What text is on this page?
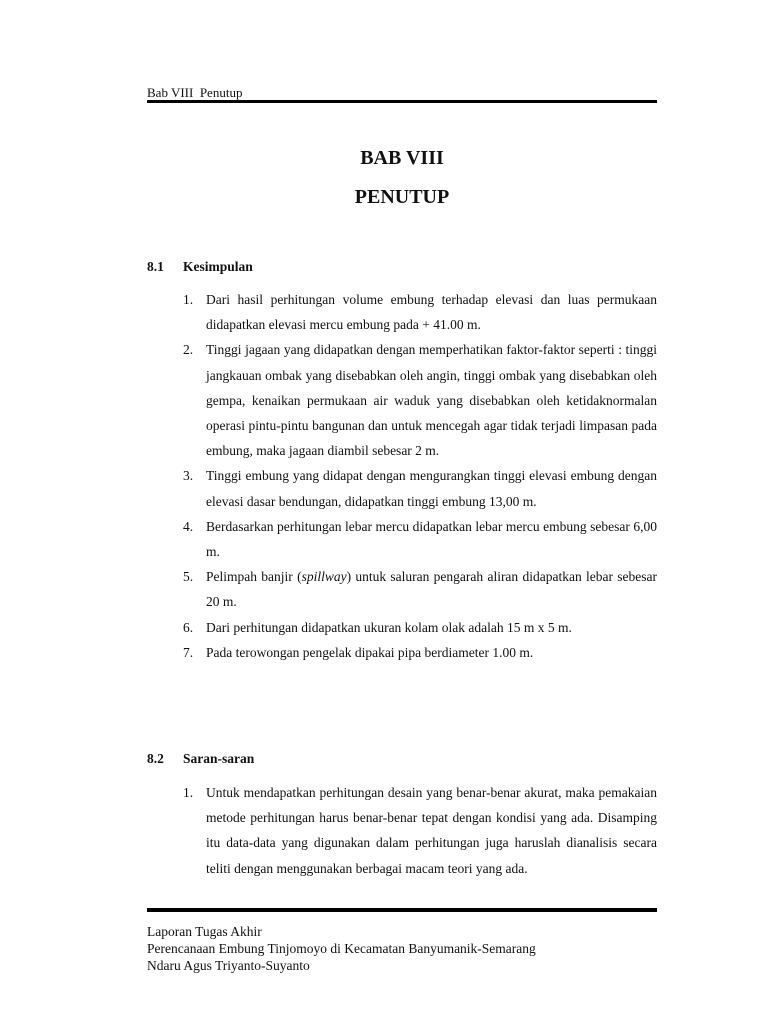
Bab VIII  Penutup
BAB VIII
PENUTUP
8.1 Kesimpulan
1. Dari hasil perhitungan volume embung terhadap elevasi dan luas permukaan didapatkan elevasi mercu embung pada + 41.00 m.
2. Tinggi jagaan yang didapatkan dengan memperhatikan faktor-faktor seperti : tinggi jangkauan ombak yang disebabkan oleh angin, tinggi ombak yang disebabkan oleh gempa, kenaikan permukaan air waduk yang disebabkan oleh ketidaknormalan operasi pintu-pintu bangunan dan untuk mencegah agar tidak terjadi limpasan pada embung, maka jagaan diambil sebesar 2 m.
3. Tinggi embung yang didapat dengan mengurangkan tinggi elevasi embung dengan elevasi dasar bendungan, didapatkan tinggi embung 13,00 m.
4. Berdasarkan perhitungan lebar mercu didapatkan lebar mercu embung sebesar 6,00 m.
5. Pelimpah banjir (spillway) untuk saluran pengarah aliran didapatkan lebar sebesar 20 m.
6. Dari perhitungan didapatkan ukuran kolam olak adalah 15 m x 5 m.
7. Pada terowongan pengelak dipakai pipa berdiameter 1.00 m.
8.2 Saran-saran
1. Untuk mendapatkan perhitungan desain yang benar-benar akurat, maka pemakaian metode perhitungan harus benar-benar tepat dengan kondisi yang ada. Disamping itu data-data yang digunakan dalam perhitungan juga haruslah dianalisis secara teliti dengan menggunakan berbagai macam teori yang ada.
Laporan Tugas Akhir
Perencanaan Embung Tinjomoyo di Kecamatan Banyumanik-Semarang
Ndaru Agus Triyanto-Suyanto
